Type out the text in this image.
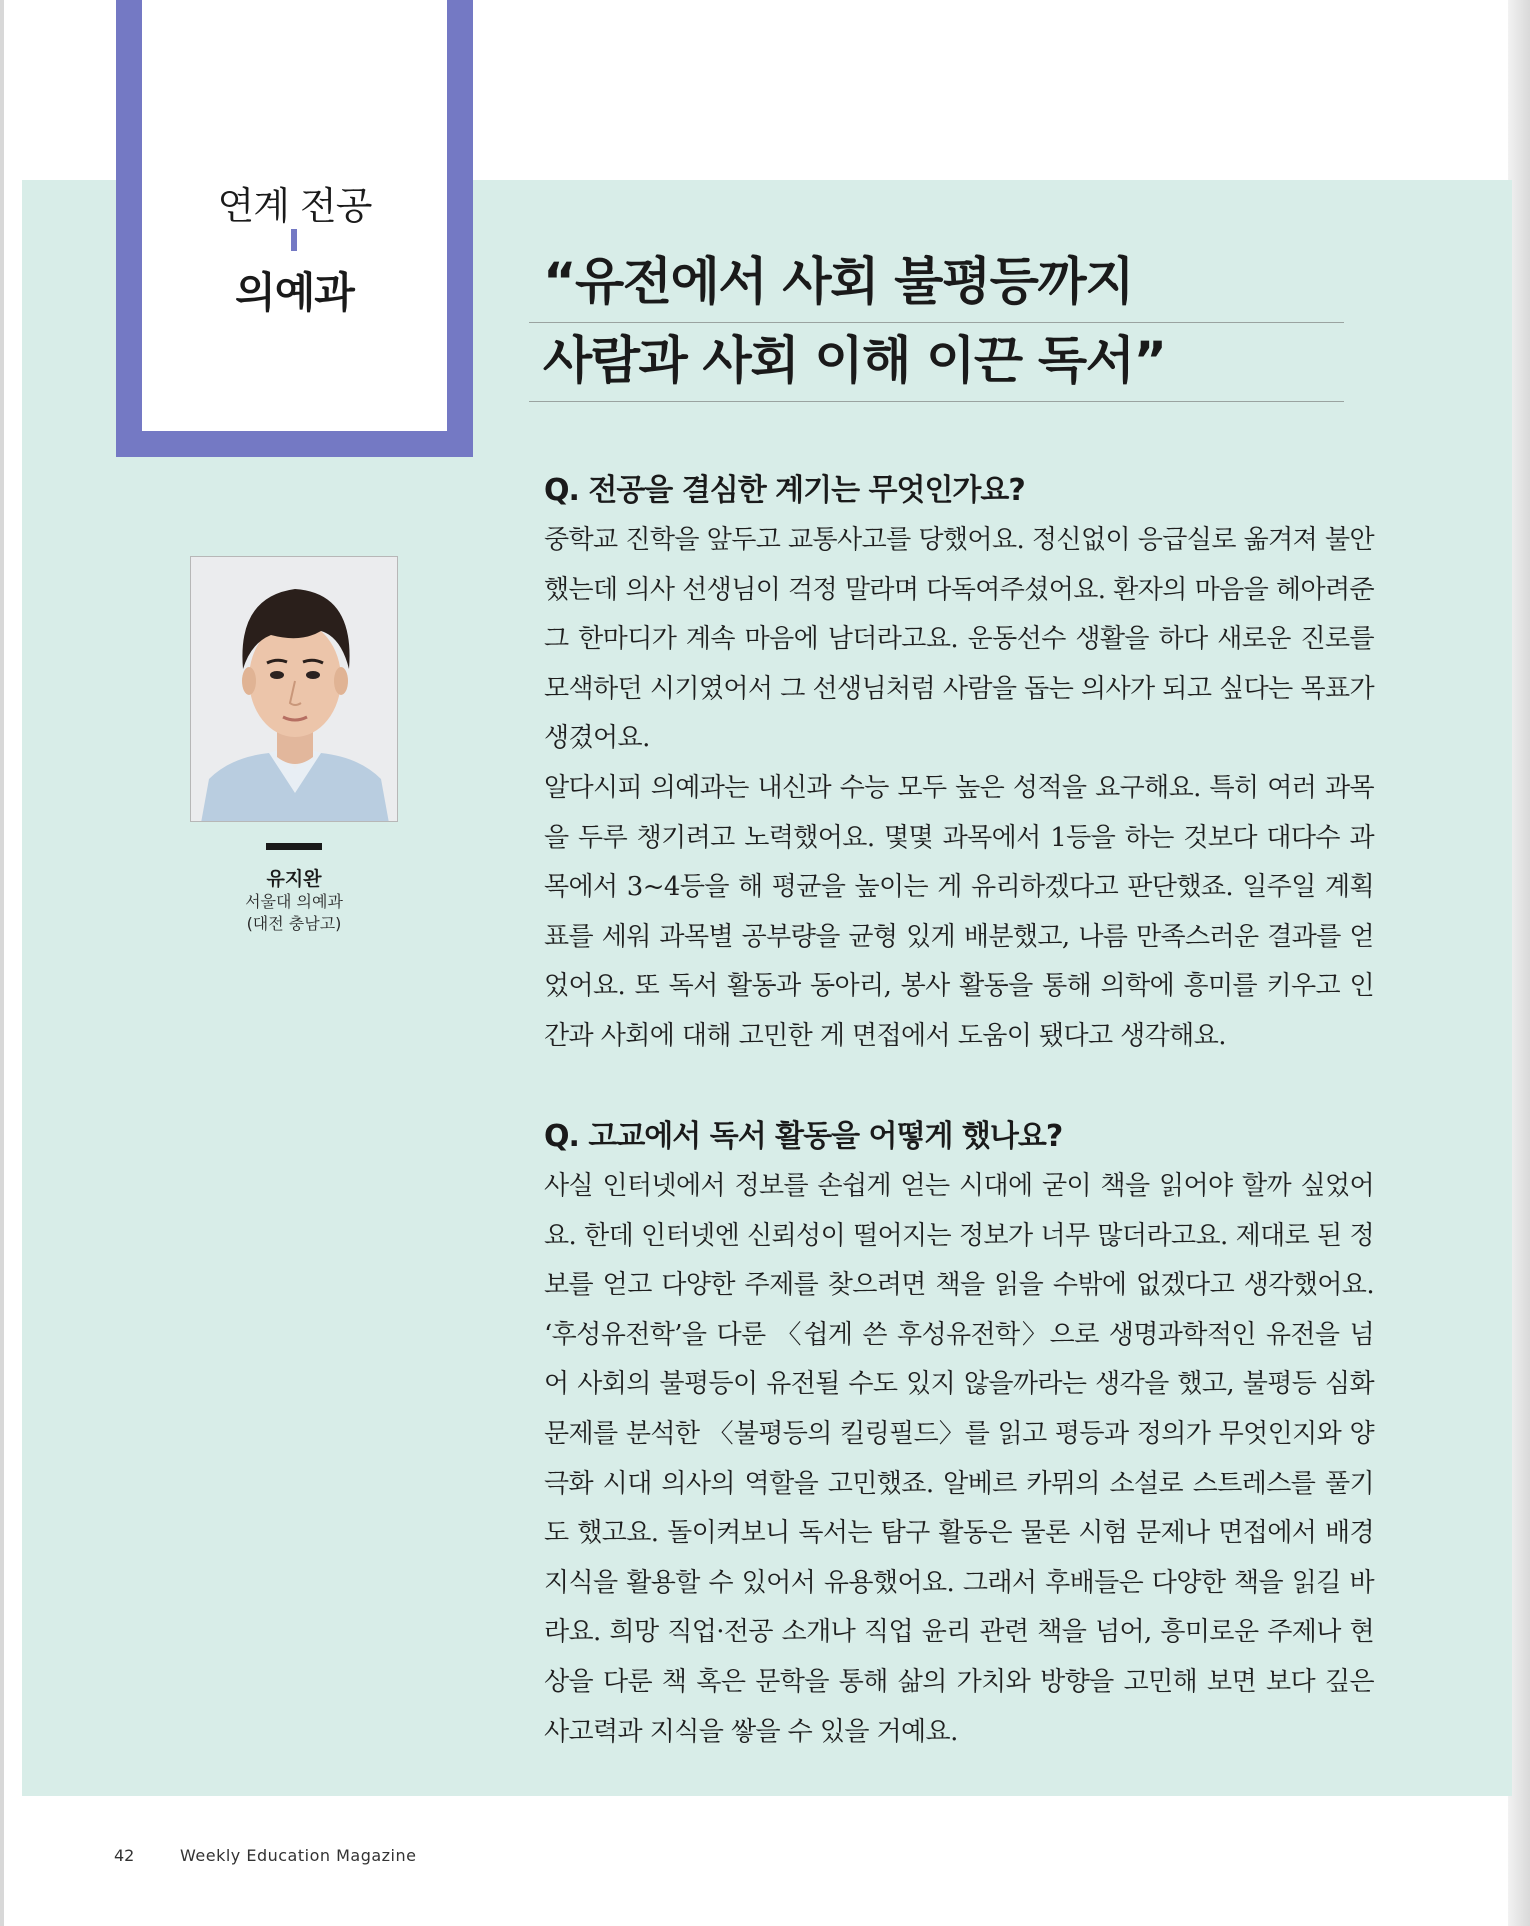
연계 전공
의예과	“유전에서 사회 불평등까지
사람과 사회 이해 이끈 독서”
유지완
서울대 의예과
(대전 충남고)
Q. 전공을 결심한 계기는 무엇인가요?

중학교 진학을 앞두고 교통사고를 당했어요. 정신없이 응급실로 옮겨져 불안했는데 의사 선생님이 걱정 말라며 다독여주셨어요. 환자의 마음을 헤아려준 그 한마디가 계속 마음에 남더라고요. 운동선수 생활을 하다 새로운 진로를 모색하던 시기였어서 그 선생님처럼 사람을 돕는 의사가 되고 싶다는 목표가 생겼어요.

알다시피 의예과는 내신과 수능 모두 높은 성적을 요구해요. 특히 여러 과목을 두루 챙기려고 노력했어요. 몇몇 과목에서 1등을 하는 것보다 대다수 과목에서 3~4등을 해 평균을 높이는 게 유리하겠다고 판단했죠. 일주일 계획표를 세워 과목별 공부량을 균형 있게 배분했고, 나름 만족스러운 결과를 얻었어요. 또 독서 활동과 동아리, 봉사 활동을 통해 의학에 흥미를 키우고 인간과 사회에 대해 고민한 게 면접에서 도움이 됐다고 생각해요.

Q. 고교에서 독서 활동을 어떻게 했나요?

사실 인터넷에서 정보를 손쉽게 얻는 시대에 굳이 책을 읽어야 할까 싶었어요. 한데 인터넷엔 신뢰성이 떨어지는 정보가 너무 많더라고요. 제대로 된 정보를 얻고 다양한 주제를 찾으려면 책을 읽을 수밖에 없겠다고 생각했어요. ‘후성유전학’을 다룬 〈쉽게 쓴 후성유전학〉으로 생명과학적인 유전을 넘어 사회의 불평등이 유전될 수도 있지 않을까라는 생각을 했고, 불평등 심화 문제를 분석한 〈불평등의 킬링필드〉를 읽고 평등과 정의가 무엇인지와 양극화 시대 의사의 역할을 고민했죠. 알베르 카뮈의 소설로 스트레스를 풀기도 했고요. 돌이켜보니 독서는 탐구 활동은 물론 시험 문제나 면접에서 배경지식을 활용할 수 있어서 유용했어요. 그래서 후배들은 다양한 책을 읽길 바라요. 희망 직업·전공 소개나 직업 윤리 관련 책을 넘어, 흥미로운 주제나 현상을 다룬 책 혹은 문학을 통해 삶의 가치와 방향을 고민해 보면 보다 깊은 사고력과 지식을 쌓을 수 있을 거예요.

42	Weekly Education Magazine
